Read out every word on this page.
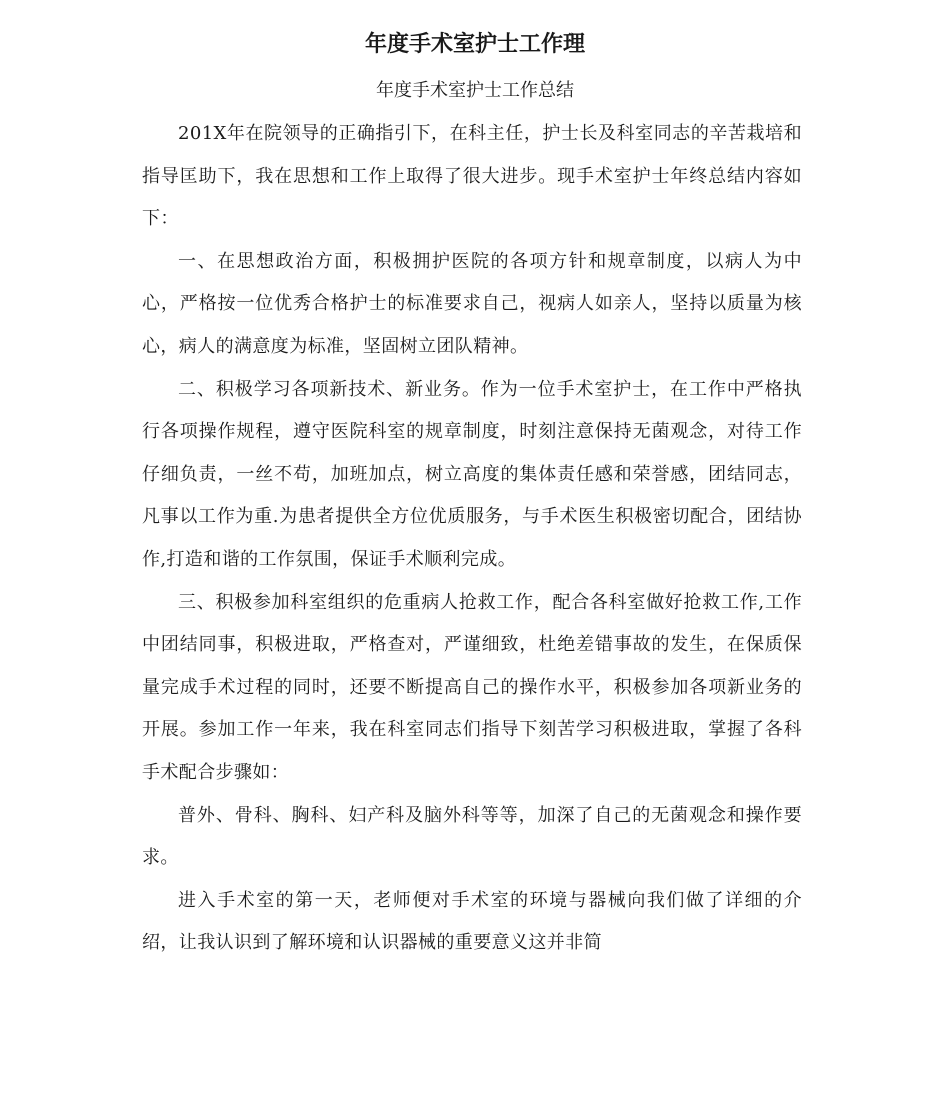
年度手术室护士工作理
年度手术室护士工作总结

201X年在院领导的正确指引下，在科主任，护士长及科室同志的辛苦栽培和指导匡助下，我在思想和工作上取得了很大进步。现手术室护士年终总结内容如下：

一、在思想政治方面，积极拥护医院的各项方针和规章制度，以病人为中心，严格按一位优秀合格护士的标准要求自己，视病人如亲人，坚持以质量为核心，病人的满意度为标准，坚固树立团队精神。

二、积极学习各项新技术、新业务。作为一位手术室护士，在工作中严格执行各项操作规程，遵守医院科室的规章制度，时刻注意保持无菌观念，对待工作仔细负责，一丝不苟，加班加点，树立高度的集体责任感和荣誉感，团结同志，凡事以工作为重.为患者提供全方位优质服务，与手术医生积极密切配合，团结协作,打造和谐的工作氛围，保证手术顺利完成。

三、积极参加科室组织的危重病人抢救工作，配合各科室做好抢救工作,工作中团结同事，积极进取，严格查对，严谨细致，杜绝差错事故的发生，在保质保量完成手术过程的同时，还要不断提高自己的操作水平，积极参加各项新业务的开展。参加工作一年来，我在科室同志们指导下刻苦学习积极进取，掌握了各科手术配合步骤如：

普外、骨科、胸科、妇产科及脑外科等等，加深了自己的无菌观念和操作要求。

进入手术室的第一天，老师便对手术室的环境与器械向我们做了详细的介绍，让我认识到了解环境和认识器械的重要意义这并非简
